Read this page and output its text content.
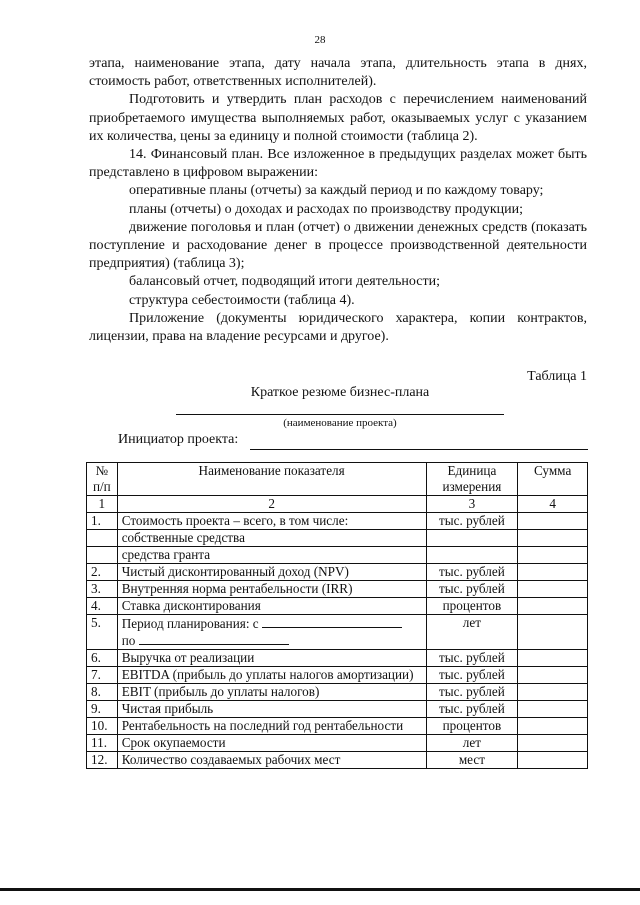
28

этапа, наименование этапа, дату начала этапа, длительность этапа в днях, стоимость работ, ответственных исполнителей).

Подготовить и утвердить план расходов с перечислением наименований приобретаемого имущества выполняемых работ, оказываемых услуг с указанием их количества, цены за единицу и полной стоимости (таблица 2).

14. Финансовый план. Все изложенное в предыдущих разделах может быть представлено в цифровом выражении:

оперативные планы (отчеты) за каждый период и по каждому товару;

планы (отчеты) о доходах и расходах по производству продукции;

движение поголовья и план (отчет) о движении денежных средств (показать поступление и расходование денег в процессе производственной деятельности предприятия) (таблица 3);

балансовый отчет, подводящий итоги деятельности;

структура себестоимости (таблица 4).

Приложение (документы юридического характера, копии контрактов, лицензии, права на владение ресурсами и другое).

Таблица 1
Краткое резюме бизнес-плана
(наименование проекта)
Инициатор проекта:
№ п/п	Наименование показателя	Единица измерения	Сумма
1	2	3	4
1.	Стоимость проекта – всего, в том числе:	тыс. рублей	
	собственные средства		
	средства гранта		
2.	Чистый дисконтированный доход (NPV)	тыс. рублей	
3.	Внутренняя норма рентабельности (IRR)	тыс. рублей	
4.	Ставка дисконтирования	процентов	
5.	Период планирования: с
по	лет	
6.	Выручка от реализации	тыс. рублей	
7.	EBITDA (прибыль до уплаты налогов амортизации)	тыс. рублей	
8.	EBIT (прибыль до уплаты налогов)	тыс. рублей	
9.	Чистая прибыль	тыс. рублей	
10.	Рентабельность на последний год рентабельности	процентов	
11.	Срок окупаемости	лет	
12.	Количество создаваемых рабочих мест	мест	
